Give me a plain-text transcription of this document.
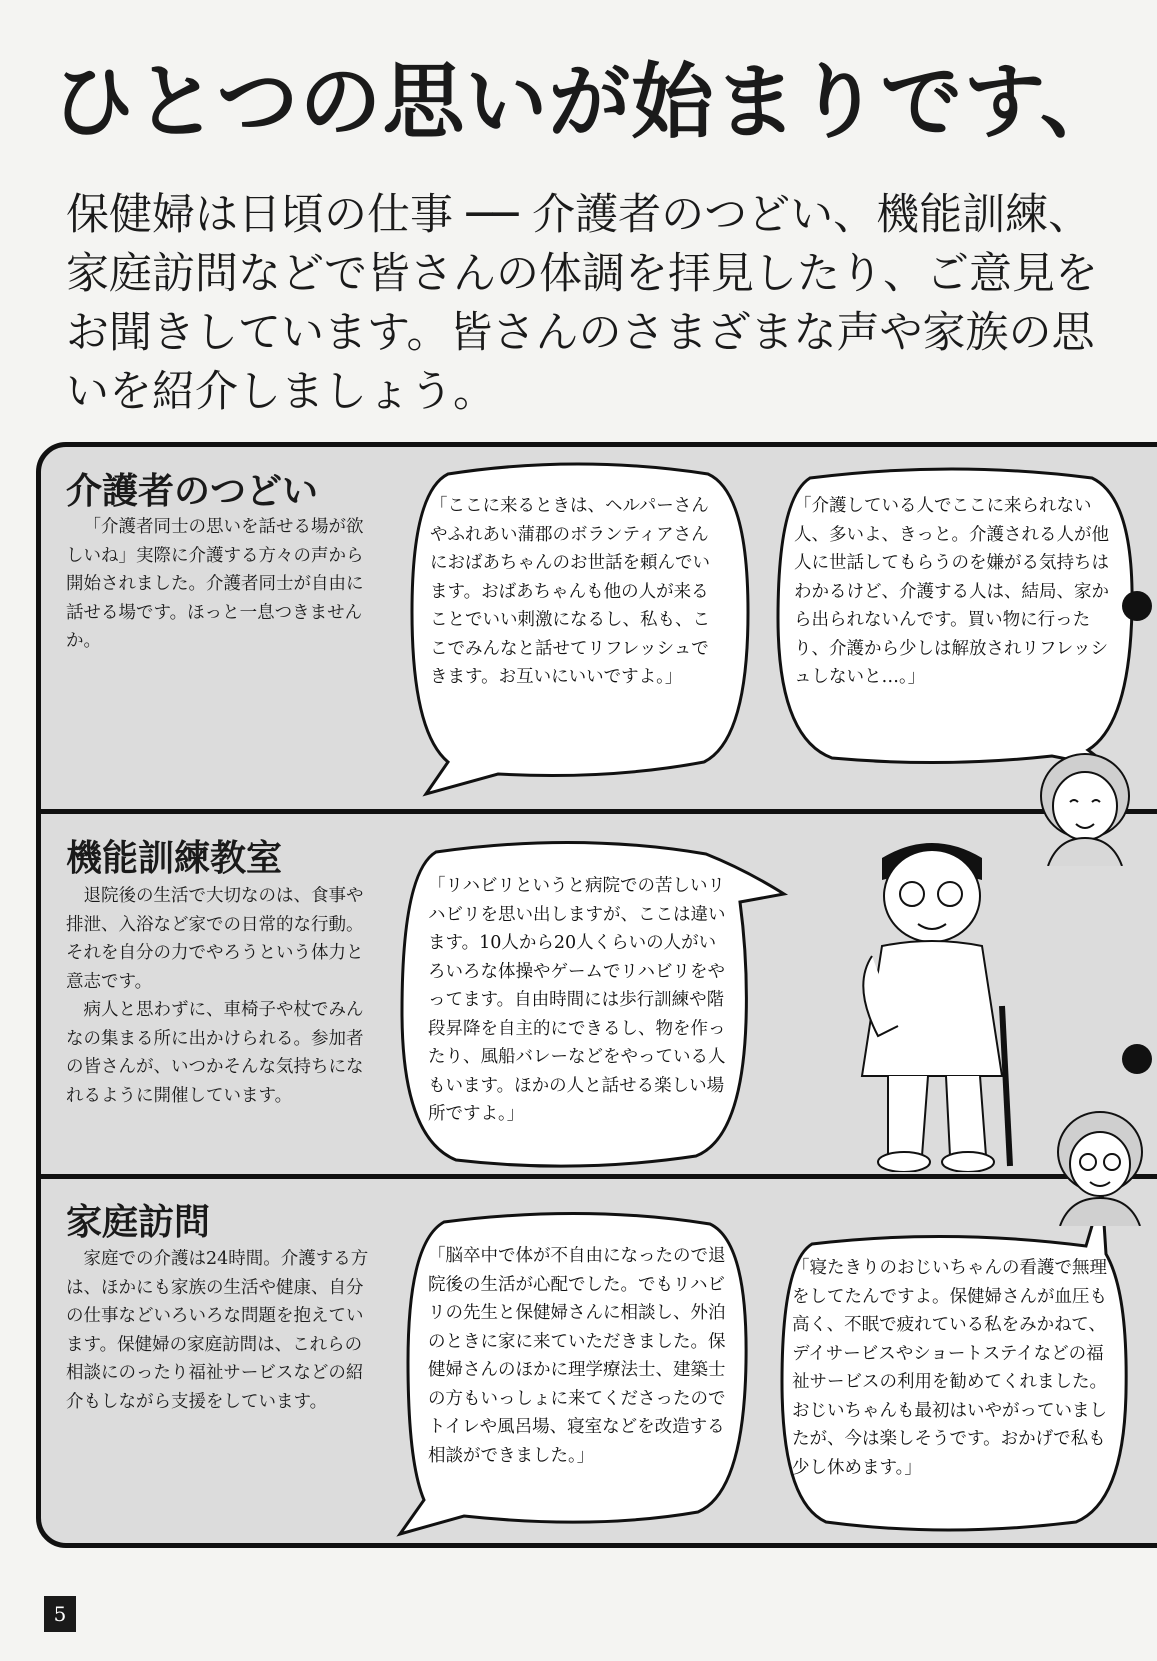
ひとつの思いが始まりです、
保健婦は日頃の仕事 ── 介護者のつどい、機能訓練、家庭訪問などで皆さんの体調を拝見したり、ご意見をお聞きしています。皆さんのさまざまな声や家族の思いを紹介しましょう。
介護者のつどい
「介護者同士の思いを話せる場が欲しいね」実際に介護する方々の声から開始されました。介護者同士が自由に話せる場です。ほっと一息つきませんか。
「ここに来るときは、ヘルパーさんやふれあい蒲郡のボランティアさんにおばあちゃんのお世話を頼んでいます。おばあちゃんも他の人が来ることでいい刺激になるし、私も、ここでみんなと話せてリフレッシュできます。お互いにいいですよ。」
「介護している人でここに来られない人、多いよ、きっと。介護される人が他人に世話してもらうのを嫌がる気持ちはわかるけど、介護する人は、結局、家から出られないんです。買い物に行ったり、介護から少しは解放されリフレッシュしないと…。」
機能訓練教室
退院後の生活で大切なのは、食事や排泄、入浴など家での日常的な行動。それを自分の力でやろうという体力と意志です。
病人と思わずに、車椅子や杖でみんなの集まる所に出かけられる。参加者の皆さんが、いつかそんな気持ちになれるように開催しています。
「リハビリというと病院での苦しいリハビリを思い出しますが、ここは違います。10人から20人くらいの人がいろいろな体操やゲームでリハビリをやってます。自由時間には歩行訓練や階段昇降を自主的にできるし、物を作ったり、風船バレーなどをやっている人もいます。ほかの人と話せる楽しい場所ですよ。」
家庭訪問
家庭での介護は24時間。介護する方は、ほかにも家族の生活や健康、自分の仕事などいろいろな問題を抱えています。保健婦の家庭訪問は、これらの相談にのったり福祉サービスなどの紹介もしながら支援をしています。
「脳卒中で体が不自由になったので退院後の生活が心配でした。でもリハビリの先生と保健婦さんに相談し、外泊のときに家に来ていただきました。保健婦さんのほかに理学療法士、建築士の方もいっしょに来てくださったのでトイレや風呂場、寝室などを改造する相談ができました。」
「寝たきりのおじいちゃんの看護で無理をしてたんですよ。保健婦さんが血圧も高く、不眠で疲れている私をみかねて、デイサービスやショートステイなどの福祉サービスの利用を勧めてくれました。おじいちゃんも最初はいやがっていましたが、今は楽しそうです。おかげで私も少し休めます。」
5
